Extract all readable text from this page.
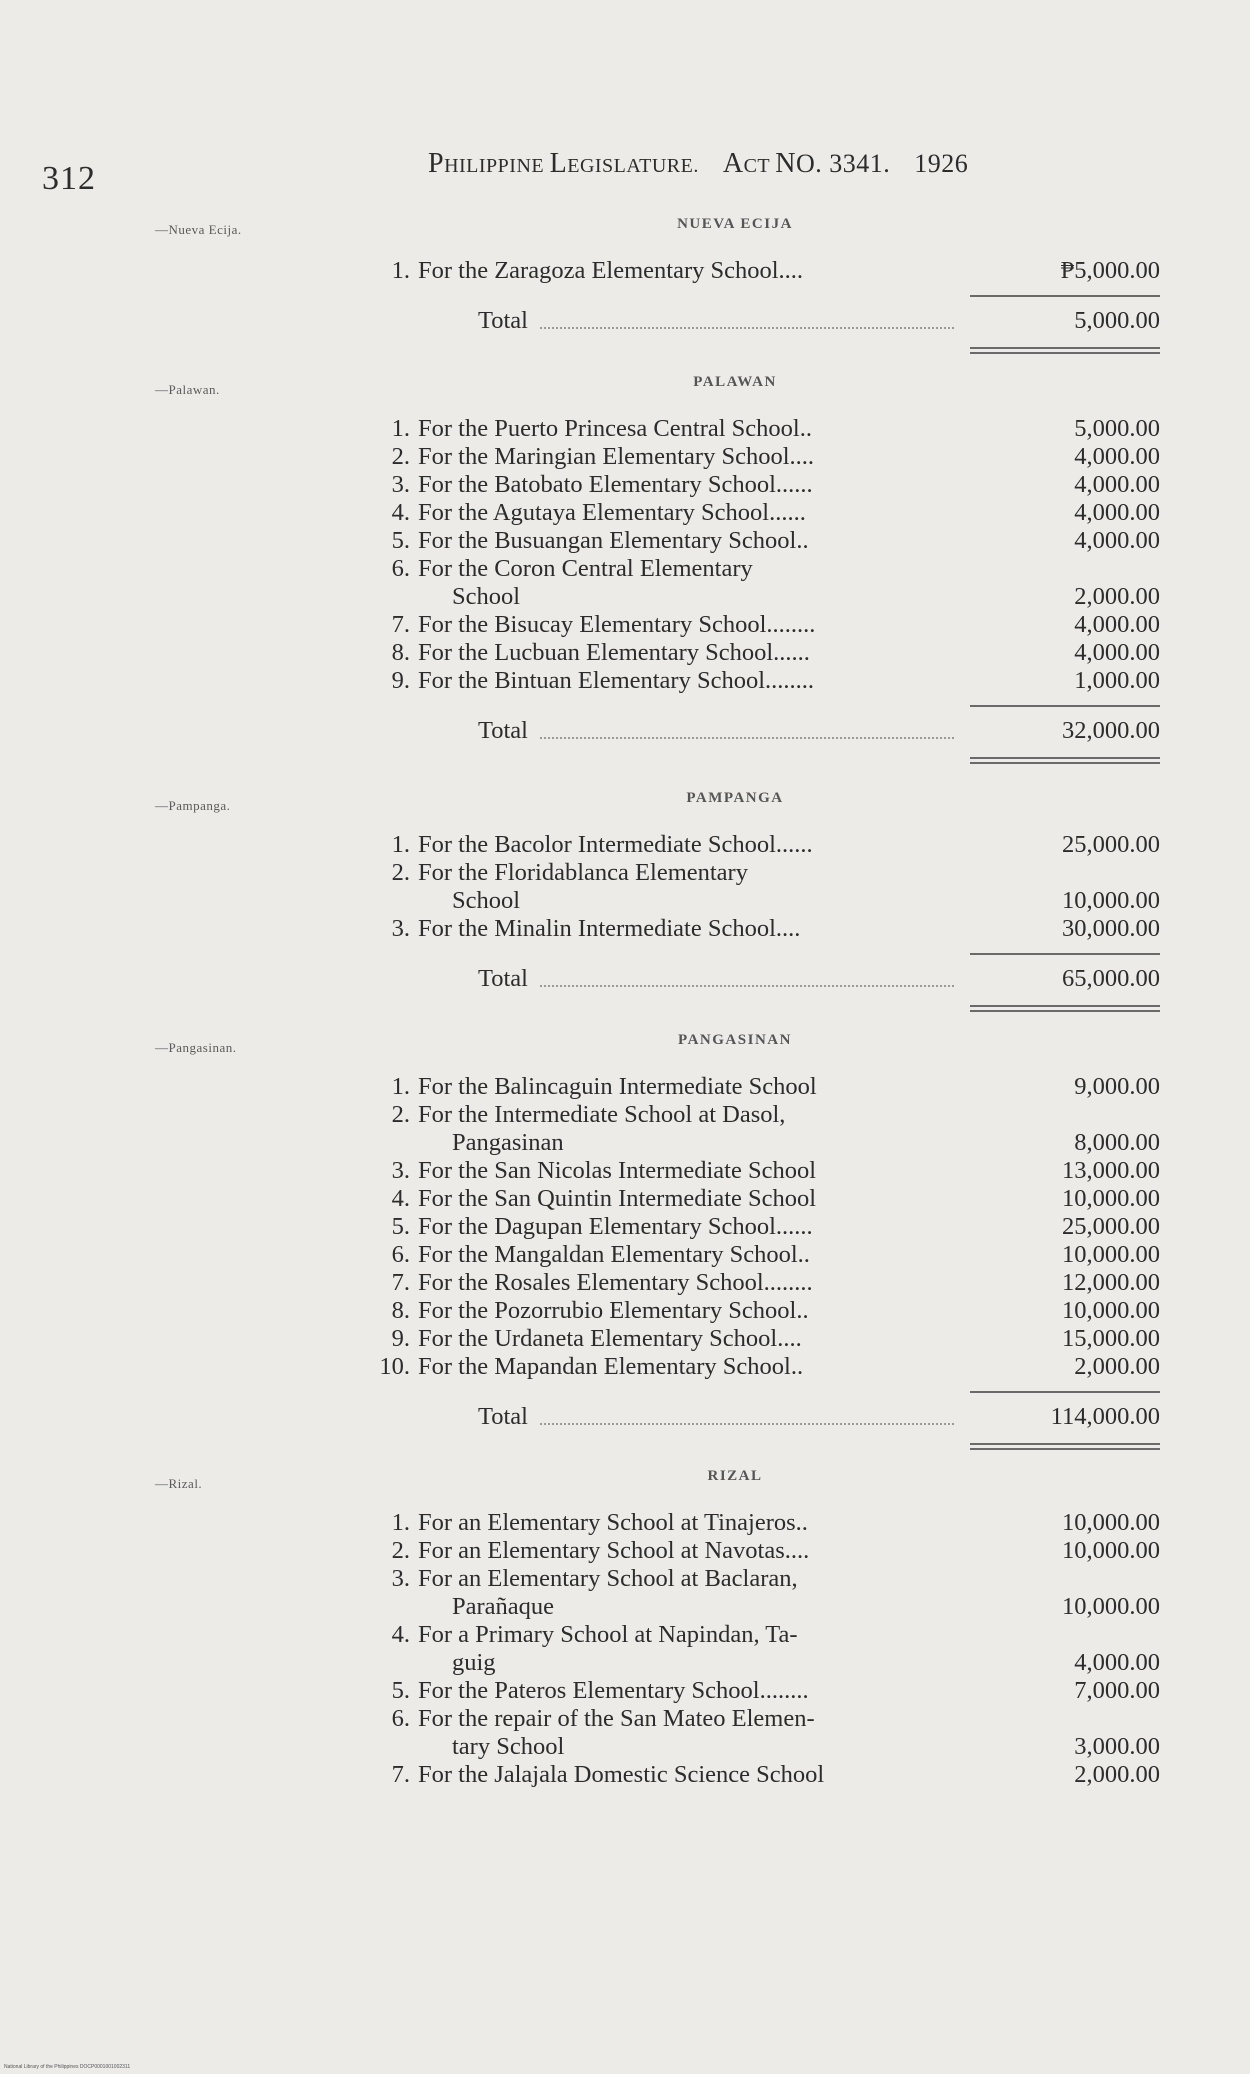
312	PHILIPPINE LEGISLATURE. ACT NO. 3341. 1926
—Nueva Ecija.
—Palawan.
—Pampanga.
—Pangasinan.
—Rizal.
NUEVA ECIJA
1. For the Zaragoza Elementary School....	₱5,000.00
Total	5,000.00
PALAWAN
1. For the Puerto Princesa Central School..	5,000.00
2. For the Maringian Elementary School....	4,000.00
3. For the Batobato Elementary School......	4,000.00
4. For the Agutaya Elementary School......	4,000.00
5. For the Busuangan Elementary School..	4,000.00
6. For the Coron Central Elementary
School	2,000.00
7. For the Bisucay Elementary School........	4,000.00
8. For the Lucbuan Elementary School......	4,000.00
9. For the Bintuan Elementary School........	1,000.00
Total	32,000.00
PAMPANGA
1. For the Bacolor Intermediate School......	25,000.00
2. For the Floridablanca Elementary
School	10,000.00
3. For the Minalin Intermediate School....	30,000.00
Total	65,000.00
PANGASINAN
1. For the Balincaguin Intermediate School	9,000.00
2. For the Intermediate School at Dasol,
Pangasinan	8,000.00
3. For the San Nicolas Intermediate School	13,000.00
4. For the San Quintin Intermediate School	10,000.00
5. For the Dagupan Elementary School......	25,000.00
6. For the Mangaldan Elementary School..	10,000.00
7. For the Rosales Elementary School........	12,000.00
8. For the Pozorrubio Elementary School..	10,000.00
9. For the Urdaneta Elementary School....	15,000.00
10. For the Mapandan Elementary School..	2,000.00
Total	114,000.00
RIZAL
1. For an Elementary School at Tinajeros..	10,000.00
2. For an Elementary School at Navotas....	10,000.00
3. For an Elementary School at Baclaran,
Parañaque	10,000.00
4. For a Primary School at Napindan, Ta-
guig	4,000.00
5. For the Pateros Elementary School........	7,000.00
6. For the repair of the San Mateo Elemen-
tary School	3,000.00
7. For the Jalajala Domestic Science School	2,000.00
National Library of the Philippines DOCP0001001002311
